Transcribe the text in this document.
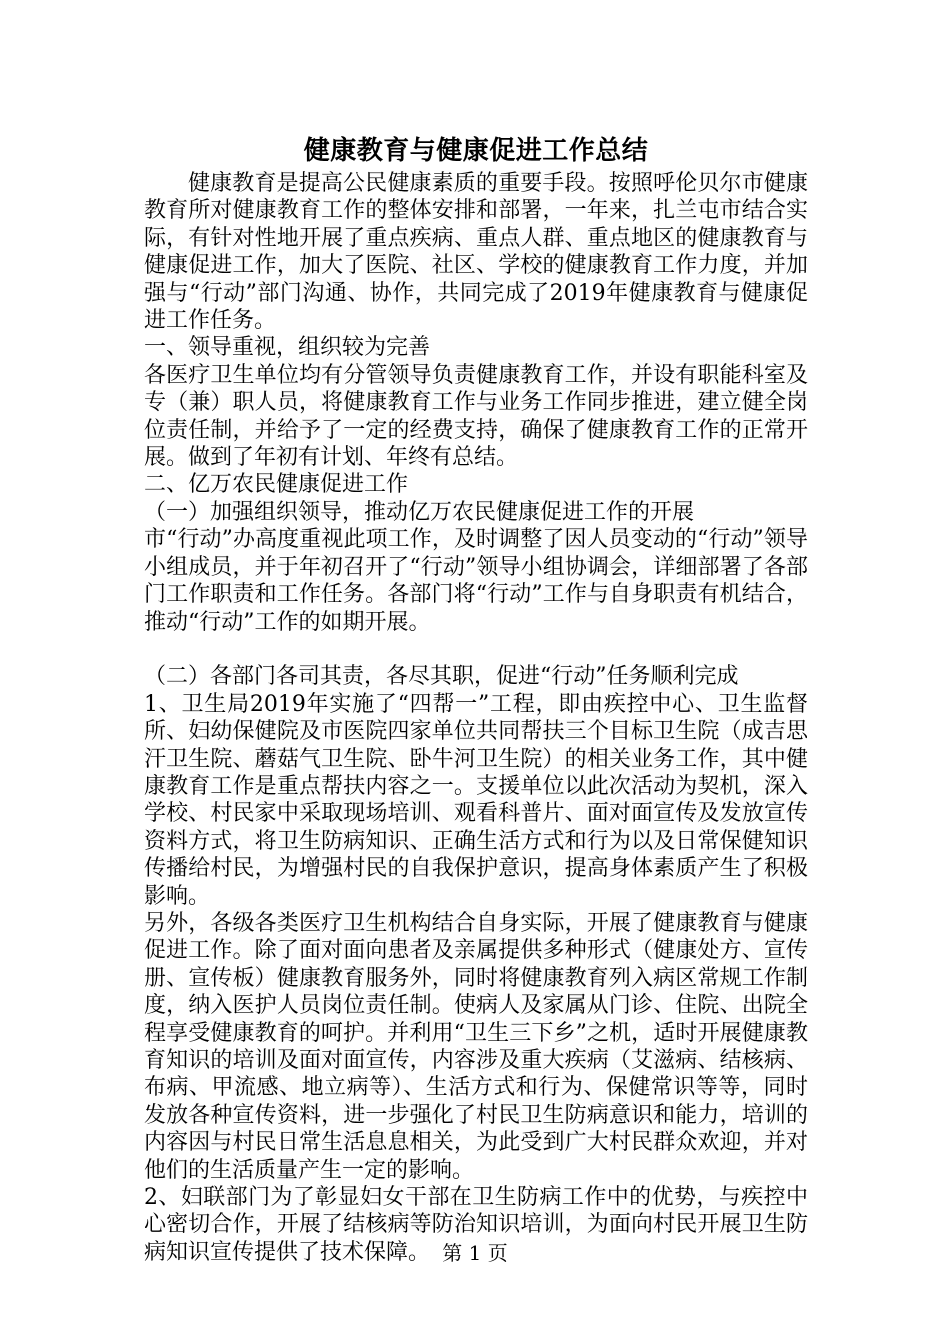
健康教育与健康促进工作总结

健康教育是提高公民健康素质的重要手段。按照呼伦贝尔市健康教育所对健康教育工作的整体安排和部署，一年来，扎兰屯市结合实际，有针对性地开展了重点疾病、重点人群、重点地区的健康教育与健康促进工作，加大了医院、社区、学校的健康教育工作力度，并加强与“行动”部门沟通、协作，共同完成了2019年健康教育与健康促进工作任务。

一、领导重视，组织较为完善

各医疗卫生单位均有分管领导负责健康教育工作，并设有职能科室及专（兼）职人员，将健康教育工作与业务工作同步推进，建立健全岗位责任制，并给予了一定的经费支持，确保了健康教育工作的正常开展。做到了年初有计划、年终有总结。

二、亿万农民健康促进工作

（一）加强组织领导，推动亿万农民健康促进工作的开展

市“行动”办高度重视此项工作，及时调整了因人员变动的“行动”领导小组成员，并于年初召开了“行动”领导小组协调会，详细部署了各部门工作职责和工作任务。各部门将“行动”工作与自身职责有机结合，推动“行动”工作的如期开展。

（二）各部门各司其责，各尽其职，促进“行动”任务顺利完成

1、卫生局2019年实施了“四帮一”工程，即由疾控中心、卫生监督所、妇幼保健院及市医院四家单位共同帮扶三个目标卫生院（成吉思汗卫生院、蘑菇气卫生院、卧牛河卫生院）的相关业务工作，其中健康教育工作是重点帮扶内容之一。支援单位以此次活动为契机，深入学校、村民家中采取现场培训、观看科普片、面对面宣传及发放宣传资料方式，将卫生防病知识、正确生活方式和行为以及日常保健知识传播给村民，为增强村民的自我保护意识，提高身体素质产生了积极影响。

另外，各级各类医疗卫生机构结合自身实际，开展了健康教育与健康促进工作。除了面对面向患者及亲属提供多种形式（健康处方、宣传册、宣传板）健康教育服务外，同时将健康教育列入病区常规工作制度，纳入医护人员岗位责任制。使病人及家属从门诊、住院、出院全程享受健康教育的呵护。并利用“卫生三下乡”之机，适时开展健康教育知识的培训及面对面宣传，内容涉及重大疾病（艾滋病、结核病、布病、甲流感、地立病等）、生活方式和行为、保健常识等等，同时发放各种宣传资料，进一步强化了村民卫生防病意识和能力，培训的内容因与村民日常生活息息相关，为此受到广大村民群众欢迎，并对他们的生活质量产生一定的影响。

2、妇联部门为了彰显妇女干部在卫生防病工作中的优势，与疾控中心密切合作，开展了结核病等防治知识培训，为面向村民开展卫生防病知识宣传提供了技术保障。 第 1 页
